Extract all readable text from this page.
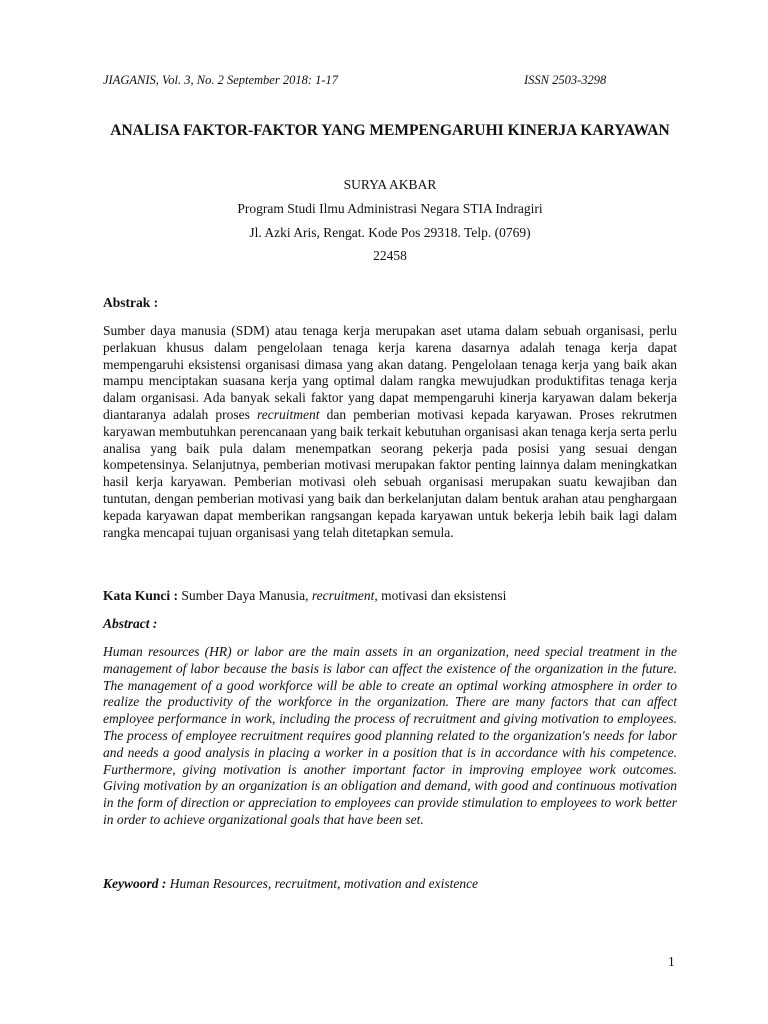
JIAGANIS, Vol. 3, No. 2 September 2018: 1-17	ISSN 2503-3298
ANALISA FAKTOR-FAKTOR YANG MEMPENGARUHI KINERJA KARYAWAN
SURYA AKBAR
Program Studi Ilmu Administrasi Negara STIA Indragiri
Jl. Azki Aris, Rengat. Kode Pos 29318. Telp. (0769)
22458
Abstrak :

Sumber daya manusia (SDM) atau tenaga kerja merupakan aset utama dalam sebuah organisasi, perlu perlakuan khusus dalam pengelolaan tenaga kerja karena dasarnya adalah tenaga kerja dapat mempengaruhi eksistensi organisasi dimasa yang akan datang. Pengelolaan tenaga kerja yang baik akan mampu menciptakan suasana kerja yang optimal dalam rangka mewujudkan produktifitas tenaga kerja dalam organisasi. Ada banyak sekali faktor yang dapat mempengaruhi kinerja karyawan dalam bekerja diantaranya adalah proses recruitment dan pemberian motivasi kepada karyawan. Proses rekrutmen karyawan membutuhkan perencanaan yang baik terkait kebutuhan organisasi akan tenaga kerja serta perlu analisa yang baik pula dalam menempatkan seorang pekerja pada posisi yang sesuai dengan kompetensinya. Selanjutnya, pemberian motivasi merupakan faktor penting lainnya dalam meningkatkan hasil kerja karyawan. Pemberian motivasi oleh sebuah organisasi merupakan suatu kewajiban dan tuntutan, dengan pemberian motivasi yang baik dan berkelanjutan dalam bentuk arahan atau penghargaan kepada karyawan dapat memberikan rangsangan kepada karyawan untuk bekerja lebih baik lagi dalam rangka mencapai tujuan organisasi yang telah ditetapkan semula.

Kata Kunci : Sumber Daya Manusia, recruitment, motivasi dan eksistensi
Abstract :

Human resources (HR) or labor are the main assets in an organization, need special treatment in the management of labor because the basis is labor can affect the existence of the organization in the future. The management of a good workforce will be able to create an optimal working atmosphere in order to realize the productivity of the workforce in the organization. There are many factors that can affect employee performance in work, including the process of recruitment and giving motivation to employees. The process of employee recruitment requires good planning related to the organization's needs for labor and needs a good analysis in placing a worker in a position that is in accordance with his competence. Furthermore, giving motivation is another important factor in improving employee work outcomes. Giving motivation by an organization is an obligation and demand, with good and continuous motivation in the form of direction or appreciation to employees can provide stimulation to employees to work better in order to achieve organizational goals that have been set.

Keywoord : Human Resources, recruitment, motivation and existence
1
